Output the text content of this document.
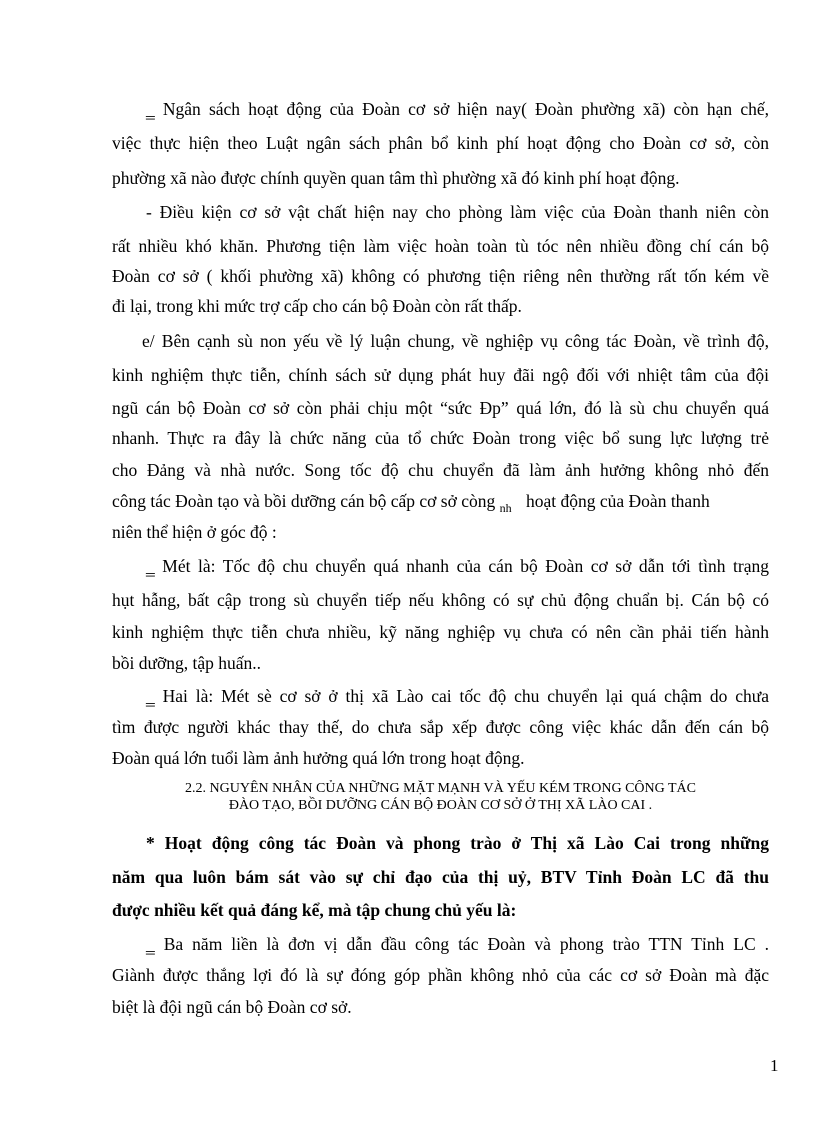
‗ Ngân sách hoạt động của Đoàn cơ sở hiện nay( Đoàn phường xã) còn hạn chế,
việc thực hiện theo Luật ngân sách phân bổ kinh phí hoạt động cho Đoàn cơ sở, còn
phường xã nào được chính quyền quan tâm thì phường xã đó kinh phí hoạt động.
- Điều kiện cơ sở vật chất hiện nay cho phòng làm việc của Đoàn thanh niên còn
rất nhiều khó khăn. Phương tiện làm việc hoàn toàn tù tóc nên nhiều đồng chí cán bộ
Đoàn cơ sở ( khối phường xã) không có phương tiện riêng nên thường rất tốn kém về
đi lại, trong khi mức trợ cấp cho cán bộ Đoàn còn rất thấp.
e/ Bên cạnh sù non yếu về lý luận chung, về nghiệp vụ công tác Đoàn, về trình độ,
kinh nghiệm thực tiễn, chính sách sử dụng phát huy đãi ngộ đối với nhiệt tâm của đội
ngũ cán bộ Đoàn cơ sở còn phải chịu một “sức Ðp” quá lớn, đó là sù chu chuyển quá
nhanh. Thực ra đây là chức năng của tổ chức Đoàn trong việc bổ sung lực lượng trẻ
cho Đảng và nhà nước. Song tốc độ chu chuyển đã làm ảnh hưởng không nhỏ đến
công tác Đoàn tạo và bồi dưỡng cán bộ cấp cơ sở còng $_{nh}$ hoạt động của Đoàn thanh
niên thể hiện ở góc độ :
‗ Mét là: Tốc độ chu chuyển quá nhanh của cán bộ Đoàn cơ sở dẫn tới tình trạng
hụt hẫng, bất cập trong sù chuyển tiếp nếu không có sự chủ động chuẩn bị. Cán bộ có
kinh nghiệm thực tiễn chưa nhiều, kỹ năng nghiệp vụ chưa có nên cần phải tiến hành
bồi dưỡng, tập huấn..
‗ Hai là: Mét sè cơ sở ở thị xã Lào cai tốc độ chu chuyển lại quá chậm do chưa
tìm được người khác thay thế, do chưa sắp xếp được công việc khác dẫn đến cán bộ
Đoàn quá lớn tuổi làm ảnh hưởng quá lớn trong hoạt động.
2.2. NGUYÊN NHÂN CỦA NHỮNG MẶT MẠNH VÀ YẾU KÉM TRONG CÔNG TÁC
ĐÀO TẠO, BỒI DƯỠNG CÁN BỘ ĐOÀN CƠ SỞ Ở THỊ XÃ LÀO CAI .
* Hoạt động công tác Đoàn và phong trào ở Thị xã Lào Cai trong những
năm qua luôn bám sát vào sự chỉ đạo của thị uỷ, BTV Tỉnh Đoàn LC đã thu
được nhiều kết quả đáng kể, mà tập chung chủ yếu là:
‗ Ba năm liền là đơn vị dẫn đầu công tác Đoàn và phong trào TTN Tỉnh LC .
Giành được thắng lợi đó là sự đóng góp phần không nhỏ của các cơ sở Đoàn mà đặc
biệt là đội ngũ cán bộ Đoàn cơ sở.
1
